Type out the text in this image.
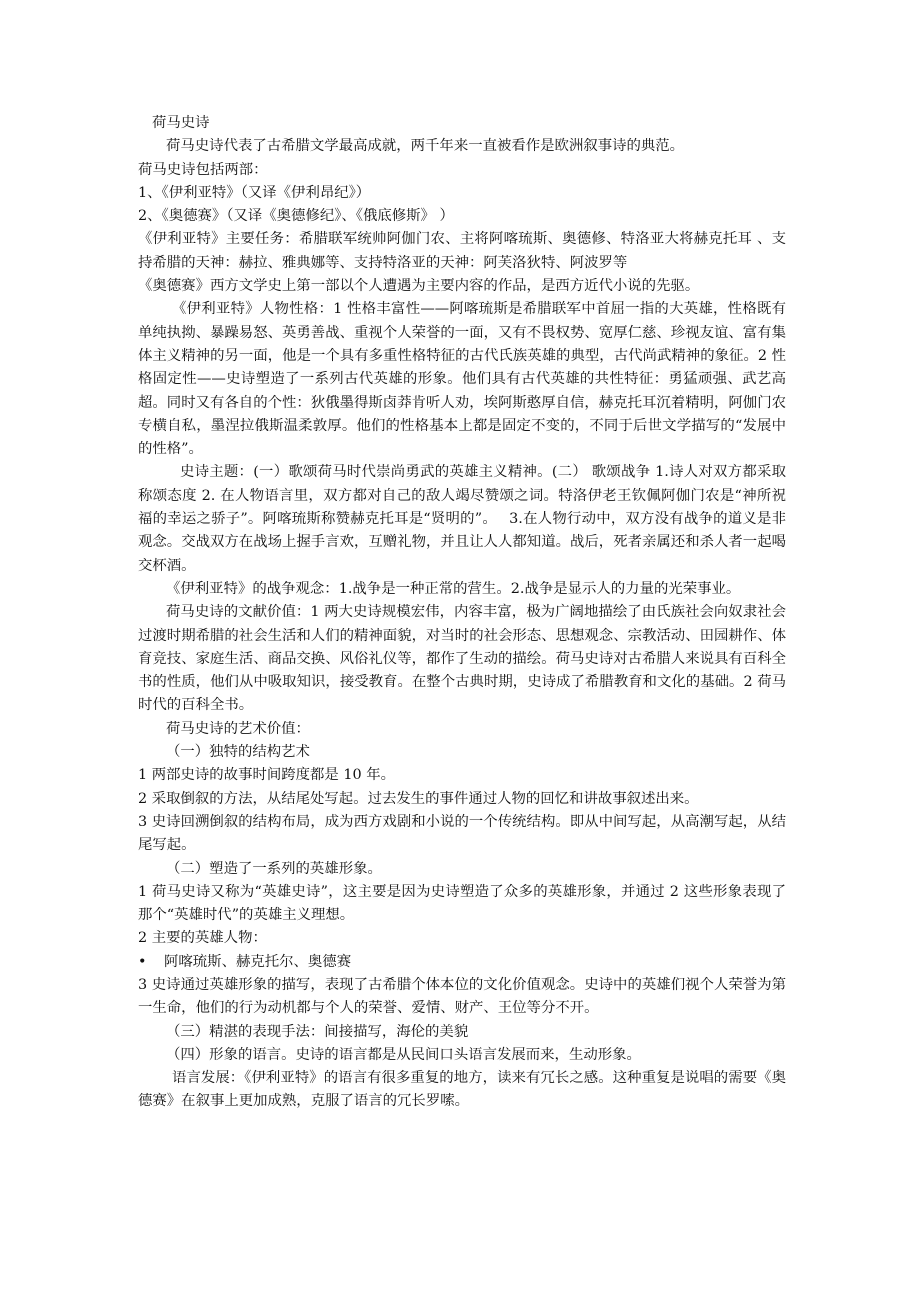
荷马史诗

荷马史诗代表了古希腊文学最高成就，两千年来一直被看作是欧洲叙事诗的典范。

荷马史诗包括两部：

1、《伊利亚特》（又译《伊利昂纪》）

2、《奥德赛》（又译《奥德修纪》、《俄底修斯》 ）

《伊利亚特》主要任务：希腊联军统帅阿伽门农、主将阿喀琉斯、奥德修、特洛亚大将赫克托耳 、支持希腊的天神：赫拉、雅典娜等、支持特洛亚的天神：阿芙洛狄特、阿波罗等

《奥德赛》西方文学史上第一部以个人遭遇为主要内容的作品，是西方近代小说的先驱。

《伊利亚特》人物性格：1 性格丰富性——阿喀琉斯是希腊联军中首屈一指的大英雄，性格既有单纯执拗、暴躁易怒、英勇善战、重视个人荣誉的一面，又有不畏权势、宽厚仁慈、珍视友谊、富有集体主义精神的另一面，他是一个具有多重性格特征的古代氏族英雄的典型，古代尚武精神的象征。2 性格固定性——史诗塑造了一系列古代英雄的形象。他们具有古代英雄的共性特征：勇猛顽强、武艺高超。同时又有各自的个性：狄俄墨得斯卤莽肯听人劝，埃阿斯憨厚自信，赫克托耳沉着精明，阿伽门农专横自私，墨涅拉俄斯温柔敦厚。他们的性格基本上都是固定不变的，不同于后世文学描写的“发展中的性格”。

史诗主题：(一）歌颂荷马时代崇尚勇武的英雄主义精神。(二） 歌颂战争 1.诗人对双方都采取称颂态度 2. 在人物语言里，双方都对自己的敌人竭尽赞颂之词。特洛伊老王钦佩阿伽门农是“神所祝福的幸运之骄子”。阿喀琉斯称赞赫克托耳是“贤明的”。　 3.在人物行动中，双方没有战争的道义是非观念。交战双方在战场上握手言欢，互赠礼物，并且让人人都知道。战后，死者亲属还和杀人者一起喝交杯酒。

《伊利亚特》的战争观念：1.战争是一种正常的营生。2.战争是显示人的力量的光荣事业。

荷马史诗的文献价值：1 两大史诗规模宏伟，内容丰富，极为广阔地描绘了由氏族社会向奴隶社会过渡时期希腊的社会生活和人们的精神面貌，对当时的社会形态、思想观念、宗教活动、田园耕作、体育竞技、家庭生活、商品交换、风俗礼仪等，都作了生动的描绘。荷马史诗对古希腊人来说具有百科全书的性质，他们从中吸取知识，接受教育。在整个古典时期，史诗成了希腊教育和文化的基础。2 荷马时代的百科全书。

荷马史诗的艺术价值：

（一）独特的结构艺术

1 两部史诗的故事时间跨度都是 10 年。

2 采取倒叙的方法，从结尾处写起。过去发生的事件通过人物的回忆和讲故事叙述出来。

3 史诗回溯倒叙的结构布局，成为西方戏剧和小说的一个传统结构。即从中间写起，从高潮写起，从结尾写起。

（二）塑造了一系列的英雄形象。

1 荷马史诗又称为“英雄史诗”，这主要是因为史诗塑造了众多的英雄形象，并通过 2 这些形象表现了那个“英雄时代”的英雄主义理想。

2 主要的英雄人物：

• 阿喀琉斯、赫克托尔、奥德赛

3 史诗通过英雄形象的描写，表现了古希腊个体本位的文化价值观念。史诗中的英雄们视个人荣誉为第一生命，他们的行为动机都与个人的荣誉、爱情、财产、王位等分不开。

（三）精湛的表现手法：间接描写，海伦的美貌

（四）形象的语言。史诗的语言都是从民间口头语言发展而来，生动形象。

语言发展：《伊利亚特》的语言有很多重复的地方，读来有冗长之感。这种重复是说唱的需要《奥德赛》在叙事上更加成熟，克服了语言的冗长罗嗦。
